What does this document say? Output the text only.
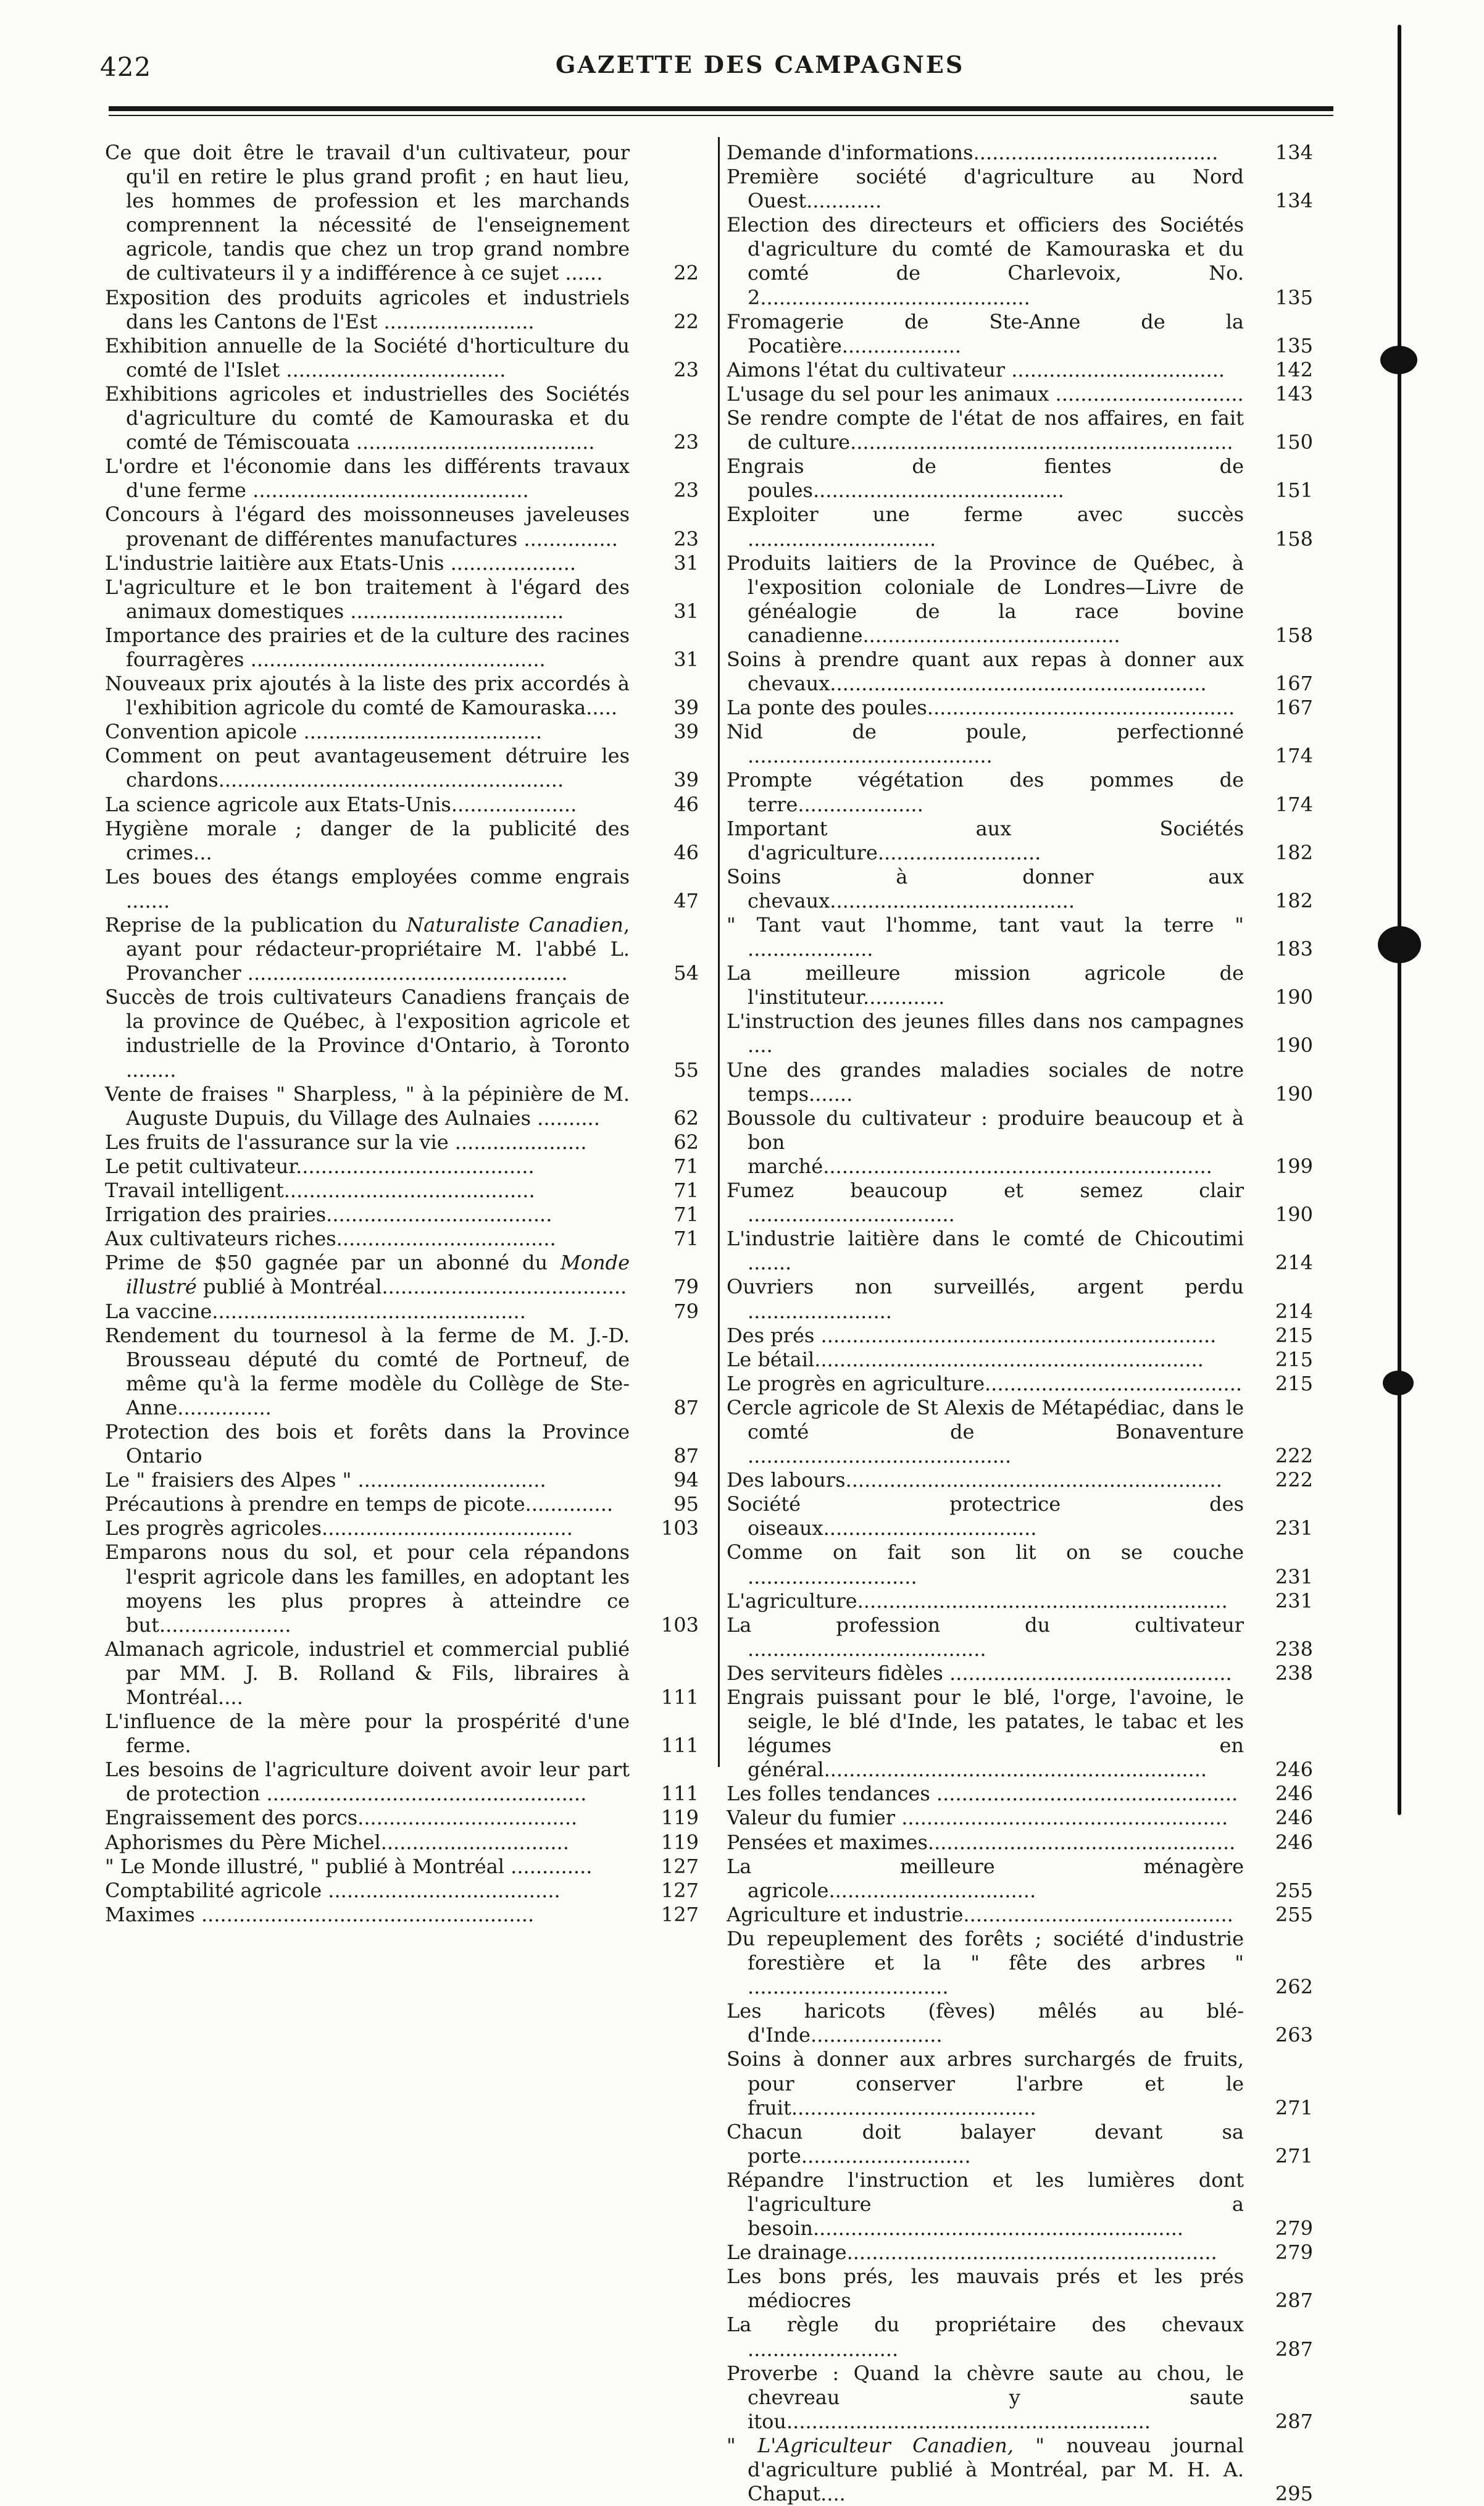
422	GAZETTE DES CAMPAGNES
Ce que doit être le travail d'un cultivateur, pour qu'il en retire le plus grand profit ; en haut lieu, les hommes de profession et les marchands comprennent la nécessité de l'enseignement agricole, tandis que chez un trop grand nombre de cultivateurs il y a indifférence à ce sujet ......	22
Exposition des produits agricoles et industriels dans les Cantons de l'Est ........................	22
Exhibition annuelle de la Société d'horticulture du comté de l'Islet ...................................	23
Exhibitions agricoles et industrielles des Sociétés d'agriculture du comté de Kamouraska et du comté de Témiscouata ......................................	23
L'ordre et l'économie dans les différents travaux d'une ferme ............................................	23
Concours à l'égard des moissonneuses javeleuses provenant de différentes manufactures ...............	23
L'industrie laitière aux Etats-Unis ....................	31
L'agriculture et le bon traitement à l'égard des animaux domestiques ..................................	31
Importance des prairies et de la culture des racines fourragères ...............................................	31
Nouveaux prix ajoutés à la liste des prix accordés à l'exhibition agricole du comté de Kamouraska.....	39
Convention apicole ......................................	39
Comment on peut avantageusement détruire les chardons.......................................................	39
La science agricole aux Etats-Unis....................	46
Hygiène morale ; danger de la publicité des crimes...	46
Les boues des étangs employées comme engrais .......	47
Reprise de la publication du Naturaliste Canadien, ayant pour rédacteur-propriétaire M. l'abbé L. Provancher ...................................................	54
Succès de trois cultivateurs Canadiens français de la province de Québec, à l'exposition agricole et industrielle de la Province d'Ontario, à Toronto ........	55
Vente de fraises " Sharpless, " à la pépinière de M. Auguste Dupuis, du Village des Aulnaies ..........	62
Les fruits de l'assurance sur la vie .....................	62
Le petit cultivateur......................................	71
Travail intelligent........................................	71
Irrigation des prairies....................................	71
Aux cultivateurs riches...................................	71
Prime de $50 gagnée par un abonné du Monde illustré publié à Montréal.......................................	79
La vaccine..................................................	79
Rendement du tournesol à la ferme de M. J.-D. Brousseau député du comté de Portneuf, de même qu'à la ferme modèle du Collège de Ste-Anne...............	87
Protection des bois et forêts dans la Province Ontario	87
Le " fraisiers des Alpes " ..............................	94
Précautions à prendre en temps de picote..............	95
Les progrès agricoles........................................	103
Emparons nous du sol, et pour cela répandons l'esprit agricole dans les familles, en adoptant les moyens les plus propres à atteindre ce but.....................	103
Almanach agricole, industriel et commercial publié par MM. J. B. Rolland & Fils, libraires à Montréal....	111
L'influence de la mère pour la prospérité d'une ferme.	111
Les besoins de l'agriculture doivent avoir leur part de protection ...................................................	111
Engraissement des porcs...................................	119
Aphorismes du Père Michel..............................	119
" Le Monde illustré, " publié à Montréal .............	127
Comptabilité agricole .....................................	127
Maximes .....................................................	127
Demande d'informations.......................................	134
Première société d'agriculture au Nord Ouest............	134
Election des directeurs et officiers des Sociétés d'agriculture du comté de Kamouraska et du comté de Charlevoix, No. 2...........................................	135
Fromagerie de Ste-Anne de la Pocatière...................	135
Aimons l'état du cultivateur ..................................	142
L'usage du sel pour les animaux ..............................	143
Se rendre compte de l'état de nos affaires, en fait de culture.............................................................	150
Engrais de fientes de poules........................................	151
Exploiter une ferme avec succès ..............................	158
Produits laitiers de la Province de Québec, à l'exposition coloniale de Londres—Livre de généalogie de la race bovine canadienne.........................................	158
Soins à prendre quant aux repas à donner aux chevaux............................................................	167
La ponte des poules.................................................	167
Nid de poule, perfectionné .......................................	174
Prompte végétation des pommes de terre....................	174
Important aux Sociétés d'agriculture..........................	182
Soins à donner aux chevaux.......................................	182
" Tant vaut l'homme, tant vaut la terre " ....................	183
La meilleure mission agricole de l'instituteur.............	190
L'instruction des jeunes filles dans nos campagnes ....	190
Une des grandes maladies sociales de notre temps.......	190
Boussole du cultivateur : produire beaucoup et à bon marché..............................................................	199
Fumez beaucoup et semez clair .................................	190
L'industrie laitière dans le comté de Chicoutimi .......	214
Ouvriers non surveillés, argent perdu .......................	214
Des prés ...............................................................	215
Le bétail..............................................................	215
Le progrès en agriculture.........................................	215
Cercle agricole de St Alexis de Métapédiac, dans le comté de Bonaventure ..........................................	222
Des labours............................................................	222
Société protectrice des oiseaux..................................	231
Comme on fait son lit on se couche ...........................	231
L'agriculture...........................................................	231
La profession du cultivateur ......................................	238
Des serviteurs fidèles .............................................	238
Engrais puissant pour le blé, l'orge, l'avoine, le seigle, le blé d'Inde, les patates, le tabac et les légumes en général.............................................................	246
Les folles tendances ................................................	246
Valeur du fumier ....................................................	246
Pensées et maximes.................................................	246
La meilleure ménagère agricole.................................	255
Agriculture et industrie...........................................	255
Du repeuplement des forêts ; société d'industrie forestière et la " fête des arbres " ................................	262
Les haricots (fèves) mêlés au blé-d'Inde.....................	263
Soins à donner aux arbres surchargés de fruits, pour conserver l'arbre et le fruit.......................................	271
Chacun doit balayer devant sa porte...........................	271
Répandre l'instruction et les lumières dont l'agriculture a besoin...........................................................	279
Le drainage...........................................................	279
Les bons prés, les mauvais prés et les prés médiocres	287
La règle du propriétaire des chevaux ........................	287
Proverbe : Quand la chèvre saute au chou, le chevreau y saute itou..........................................................	287
" L'Agriculteur Canadien, " nouveau journal d'agriculture publié à Montréal, par M. H. A. Chaput....	295
